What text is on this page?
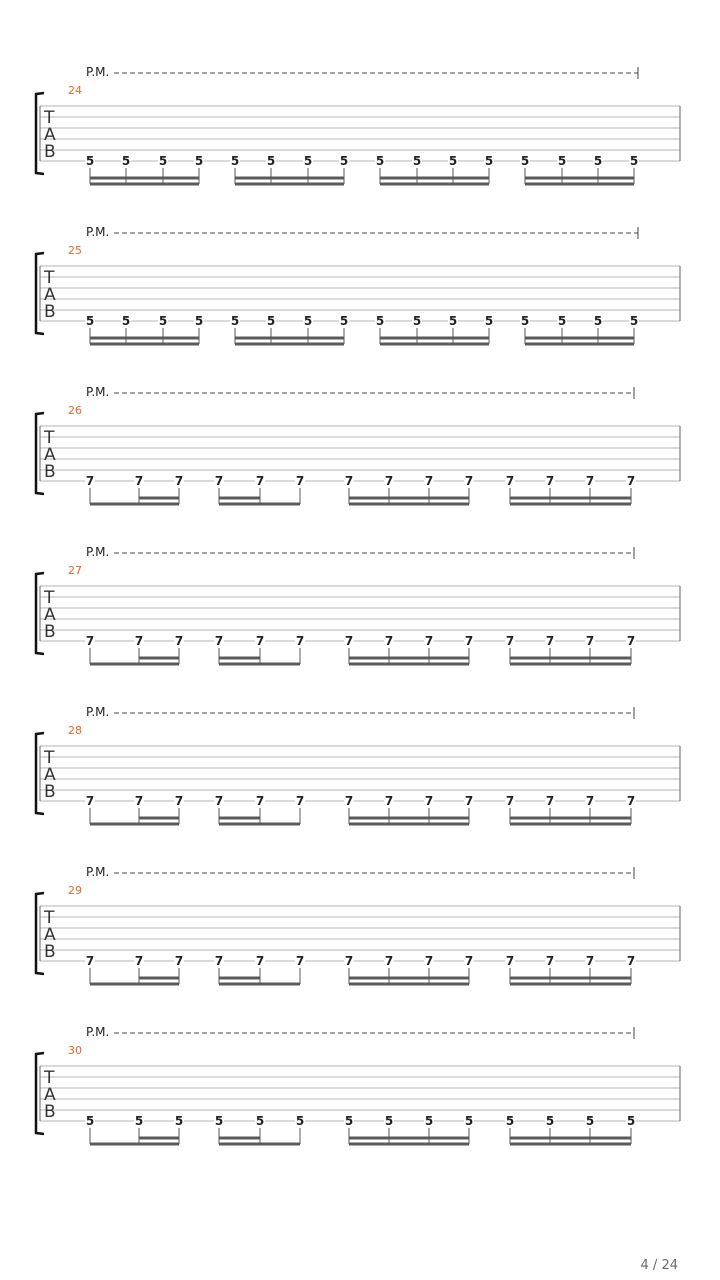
P.M.
24
T
A
B	5 5 5 5 5 5 5 5 5 5 5 5 5 5 5 5
P.M.
25
T
A
B	5 5 5 5 5 5 5 5 5 5 5 5 5 5 5 5
P.M.
26
T
A
B	7	7	7	7	7	7	7	7	7	7	7	7	7	7
P.M.
27
T
A
B	7	7	7	7	7	7	7	7	7	7	7	7	7	7
P.M.
28
T
A
B	7	7	7	7	7	7	7	7	7	7	7	7	7	7
P.M.
29
T
A
B	7	7	7	7	7	7	7	7	7	7	7	7	7	7
P.M.
30
T
A
B	5	5	5	5	5	5	5	5	5	5	5	5	5	5
4 / 24
